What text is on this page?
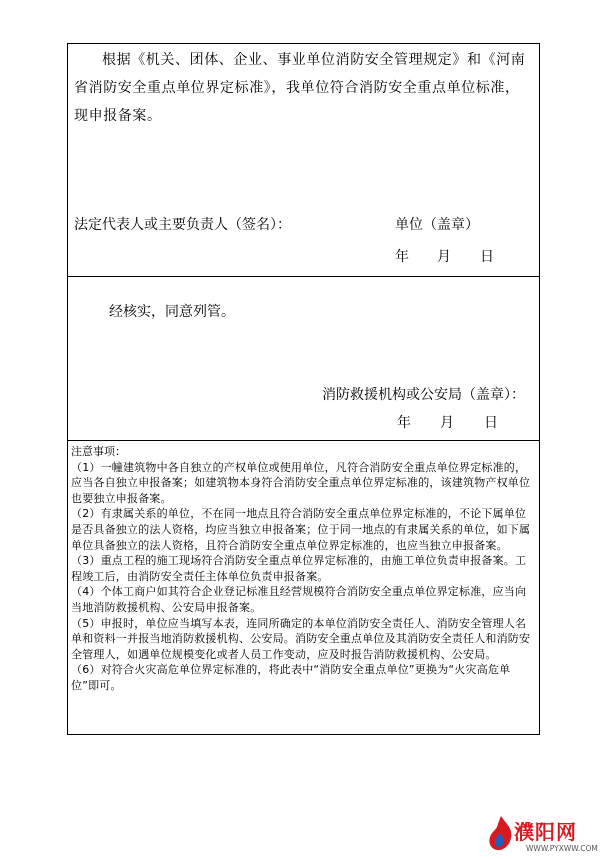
根据《机关、团体、企业、事业单位消防安全管理规定》和《河南省消防安全重点单位界定标准》，我单位符合消防安全重点单位标准，现申报备案。
法定代表人或主要负责人（签名）：	单位（盖章）
年 月 日
经核实，同意列管。
消防救援机构或公安局（盖章）：
年 月 日
注意事项：
（1）一幢建筑物中各自独立的产权单位或使用单位，凡符合消防安全重点单位界定标准的，应当各自独立申报备案；如建筑物本身符合消防安全重点单位界定标准的，该建筑物产权单位也要独立申报备案。
（2）有隶属关系的单位，不在同一地点且符合消防安全重点单位界定标准的，不论下属单位是否具备独立的法人资格，均应当独立申报备案；位于同一地点的有隶属关系的单位，如下属单位具备独立的法人资格，且符合消防安全重点单位界定标准的，也应当独立申报备案。
（3）重点工程的施工现场符合消防安全重点单位界定标准的，由施工单位负责申报备案。工程竣工后，由消防安全责任主体单位负责申报备案。
（4）个体工商户如其符合企业登记标准且经营规模符合消防安全重点单位界定标准，应当向当地消防救援机构、公安局申报备案。
（5）申报时，单位应当填写本表，连同所确定的本单位消防安全责任人、消防安全管理人名单和资料一并报当地消防救援机构、公安局。消防安全重点单位及其消防安全责任人和消防安全管理人，如遇单位规模变化或者人员工作变动，应及时报告消防救援机构、公安局。
（6）对符合火灾高危单位界定标准的，将此表中“消防安全重点单位”更换为“火灾高危单位”即可。
濮阳网
WWW.PYXWW.COM
